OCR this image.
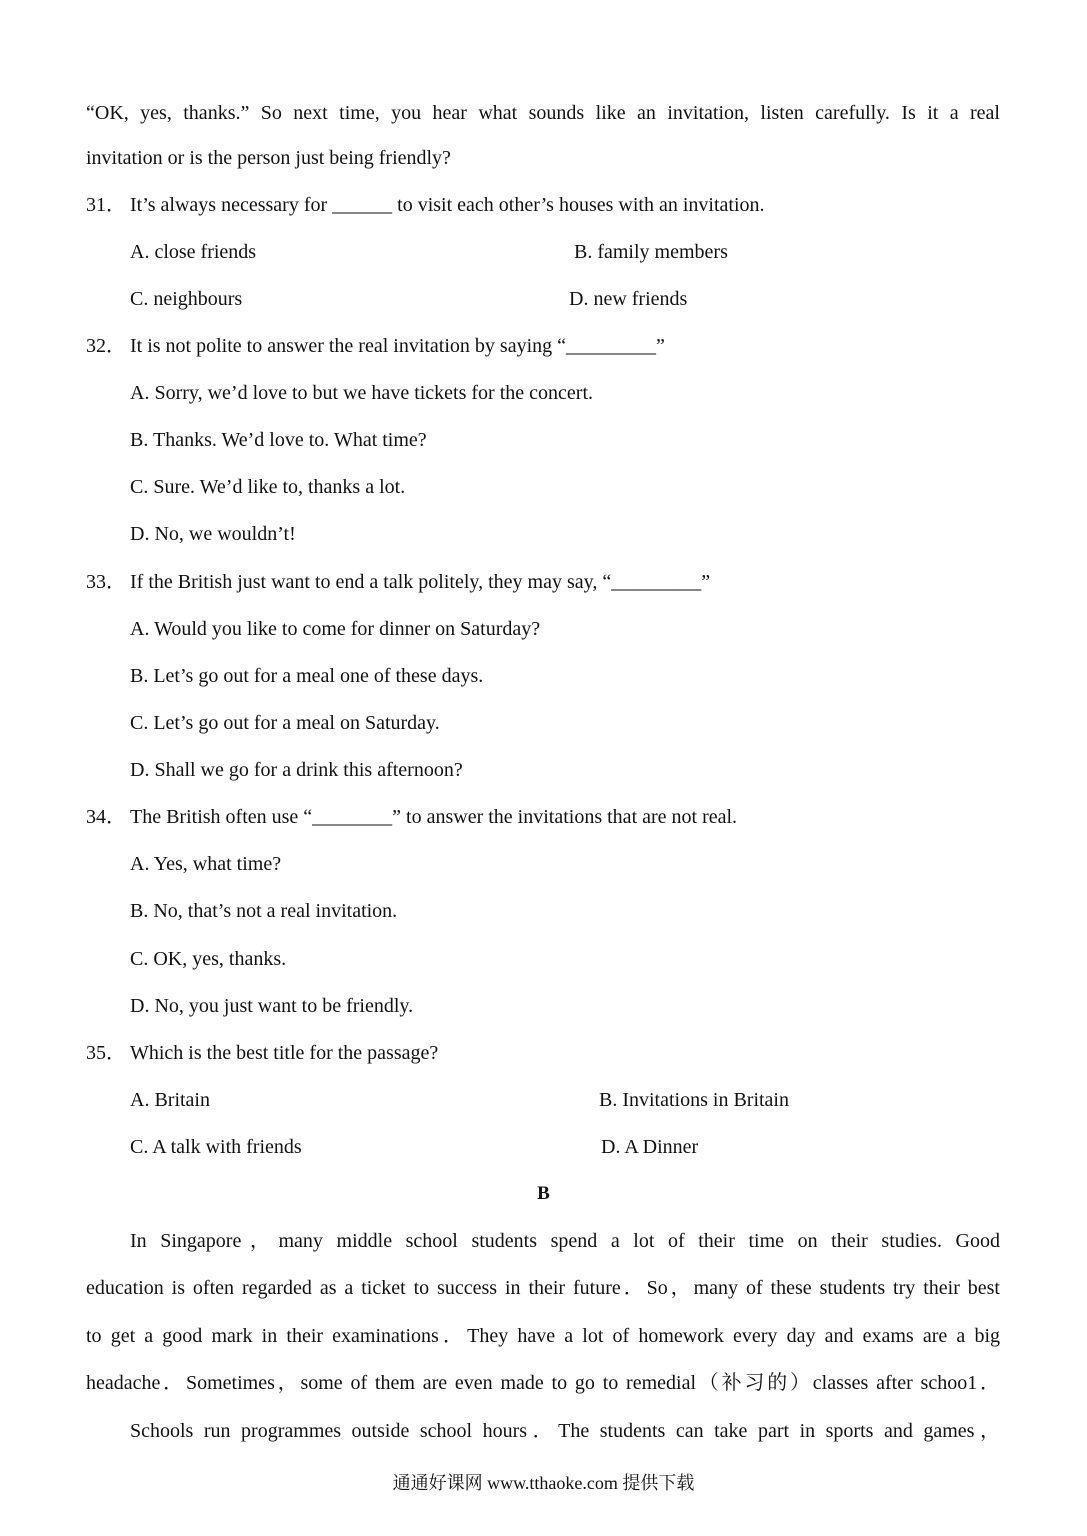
“OK, yes, thanks.” So next time, you hear what sounds like an invitation, listen carefully. Is it a real
invitation or is the person just being friendly?
31． It’s always necessary for ______ to visit each other’s houses with an invitation.
A. close friends	B. family members
C. neighbours	D. new friends
32． It is not polite to answer the real invitation by saying “_________”
A. Sorry, we’d love to but we have tickets for the concert.
B. Thanks. We’d love to. What time?
C. Sure. We’d like to, thanks a lot.
D. No, we wouldn’t!
33． If the British just want to end a talk politely, they may say, “_________”
A. Would you like to come for dinner on Saturday?
B. Let’s go out for a meal one of these days.
C. Let’s go out for a meal on Saturday.
D. Shall we go for a drink this afternoon?
34． The British often use “________” to answer the invitations that are not real.
A. Yes, what time?
B. No, that’s not a real invitation.
C. OK, yes, thanks.
D. No, you just want to be friendly.
35． Which is the best title for the passage?
A. Britain	B. Invitations in Britain
C. A talk with friends	D. A Dinner
B
In Singapore，many middle school students spend a lot of their time on their studies. Good
education is often regarded as a ticket to success in their future．So，many of these students try their best
to get a good mark in their examinations．They have a lot of homework every day and exams are a big
headache．Sometimes，some of them are even made to go to remedial（补习的）classes after schoo1．
Schools run programmes outside school hours．The students can take part in sports and games，
通通好课网 www.tthaoke.com 提供下载
